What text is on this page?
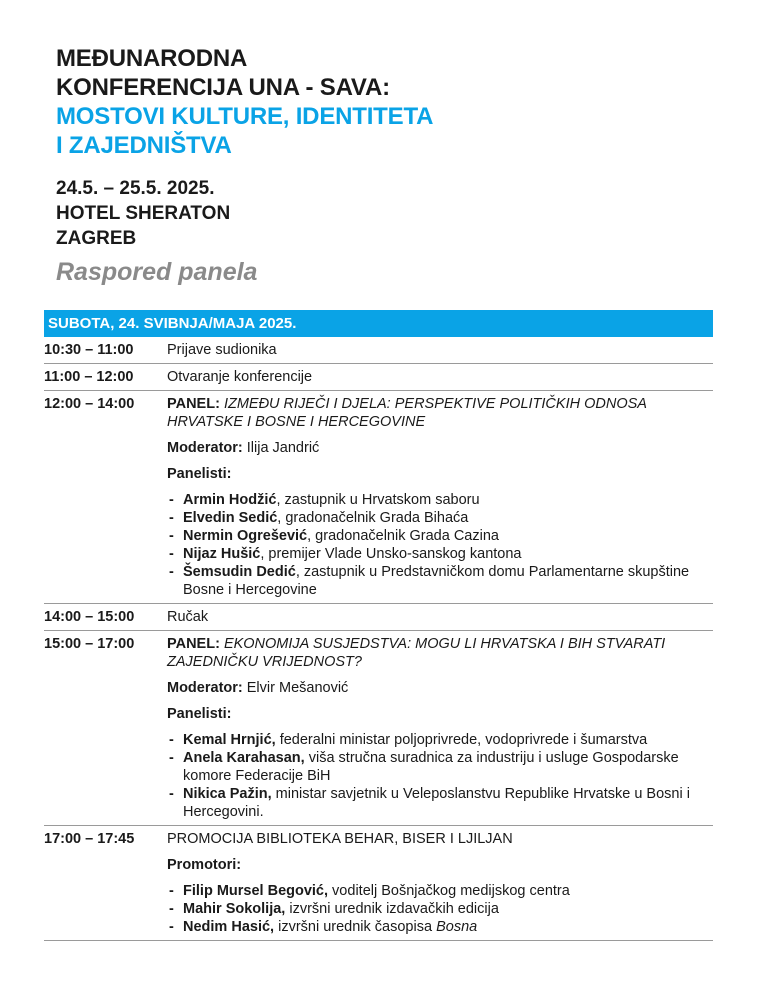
MEĐUNARODNA
KONFERENCIJA UNA - SAVA:
MOSTOVI KULTURE, IDENTITETA
I ZAJEDNIŠTVA
24.5. – 25.5. 2025.
HOTEL SHERATON
ZAGREB
Raspored panela
SUBOTA, 24. SVIBNJA/MAJA 2025.
10:30 – 11:00	Prijave sudionika
11:00 – 12:00	Otvaranje konferencije
12:00 – 14:00	PANEL: IZMEĐU RIJEČI I DJELA: PERSPEKTIVE POLITIČKIH ODNOSA HRVATSKE I BOSNE I HERCEGOVINE
Moderator: Ilija Jandrić
Panelisti:
- Armin Hodžić, zastupnik u Hrvatskom saboru
- Elvedin Sedić, gradonačelnik Grada Bihaća
- Nermin Ogrešević, gradonačelnik Grada Cazina
- Nijaz Hušić, premijer Vlade Unsko-sanskog kantona
- Šemsudin Dedić, zastupnik u Predstavničkom domu Parlamentarne skupštine Bosne i Hercegovine
14:00 – 15:00	Ručak
15:00 – 17:00	PANEL: EKONOMIJA SUSJEDSTVA: MOGU LI HRVATSKA I BIH STVARATI ZAJEDNIČKU VRIJEDNOST?
Moderator: Elvir Mešanović
Panelisti:
- Kemal Hrnjić, federalni ministar poljoprivrede, vodoprivrede i šumarstva
- Anela Karahasan, viša stručna suradnica za industriju i usluge Gospodarske komore Federacije BiH
- Nikica Pažin, ministar savjetnik u Veleposlanstvu Republike Hrvatske u Bosni i Hercegovini.
17:00 – 17:45	PROMOCIJA BIBLIOTEKA BEHAR, BISER I LJILJAN
Promotori:
- Filip Mursel Begović, voditelj Bošnjačkog medijskog centra
- Mahir Sokolija, izvršni urednik izdavačkih edicija
- Nedim Hasić, izvršni urednik časopisa Bosna
